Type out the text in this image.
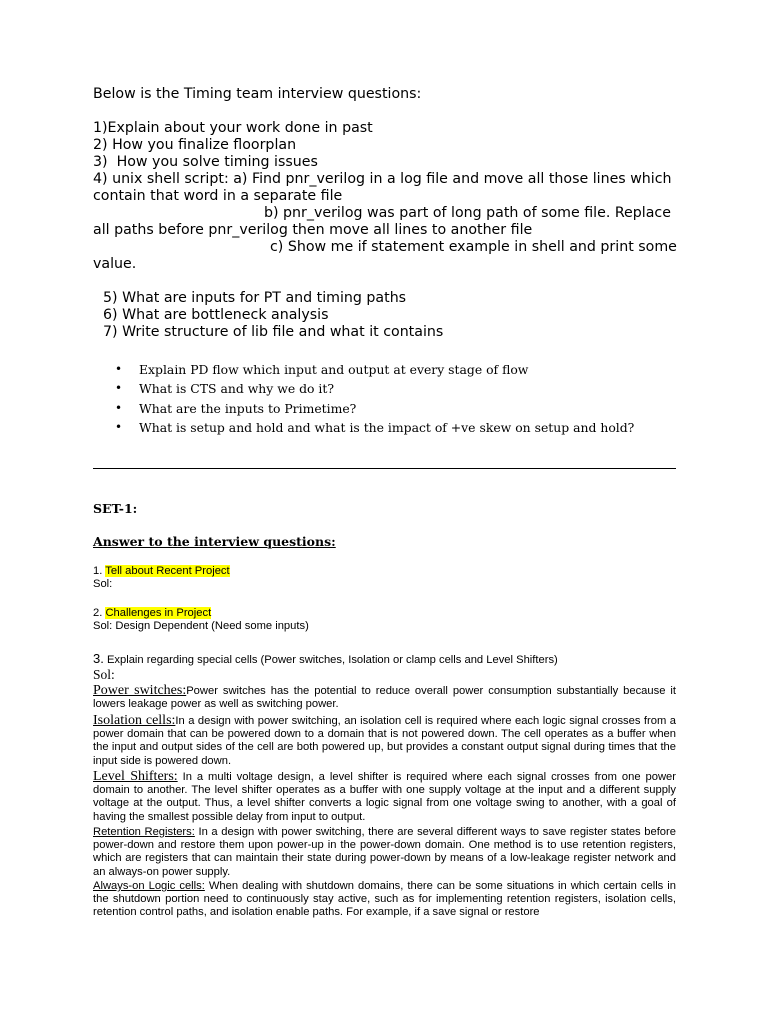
Below is the Timing team interview questions:

1)Explain about your work done in past

2) How you finalize floorplan

3)  How you solve timing issues

4) unix shell script: a) Find pnr_verilog in a log file and move all those lines which contain that word in a separate file

b) pnr_verilog was part of long path of some file. Replace all paths before pnr_verilog then move all lines to another file

c) Show me if statement example in shell and print some value.

5) What are inputs for PT and timing paths

6) What are bottleneck analysis

7) Write structure of lib file and what it contains

• Explain PD flow which input and output at every stage of flow
• What is CTS and why we do it?
• What are the inputs to Primetime?
• What is setup and hold and what is the impact of +ve skew on setup and hold?
SET-1:
Answer to the interview questions:
1. Tell about Recent Project
Sol:
2. Challenges in Project
Sol: Design Dependent (Need some inputs)
3. Explain regarding special cells (Power switches, Isolation or clamp cells and Level Shifters)
Sol:
Power switches:Power switches has the potential to reduce overall power consumption substantially because it lowers leakage power as well as switching power.
Isolation cells:In a design with power switching, an isolation cell is required where each logic signal crosses from a power domain that can be powered down to a domain that is not powered down. The cell operates as a buffer when the input and output sides of the cell are both powered up, but provides a constant output signal during times that the input side is powered down.
Level Shifters: In a multi voltage design, a level shifter is required where each signal crosses from one power domain to another. The level shifter operates as a buffer with one supply voltage at the input and a different supply voltage at the output. Thus, a level shifter converts a logic signal from one voltage swing to another, with a goal of having the smallest possible delay from input to output.
Retention Registers: In a design with power switching, there are several different ways to save register states before power-down and restore them upon power-up in the power-down domain. One method is to use retention registers, which are registers that can maintain their state during power-down by means of a low-leakage register network and an always-on power supply.
Always-on Logic cells: When dealing with shutdown domains, there can be some situations in which certain cells in the shutdown portion need to continuously stay active, such as for implementing retention registers, isolation cells, retention control paths, and isolation enable paths. For example, if a save signal or restore
